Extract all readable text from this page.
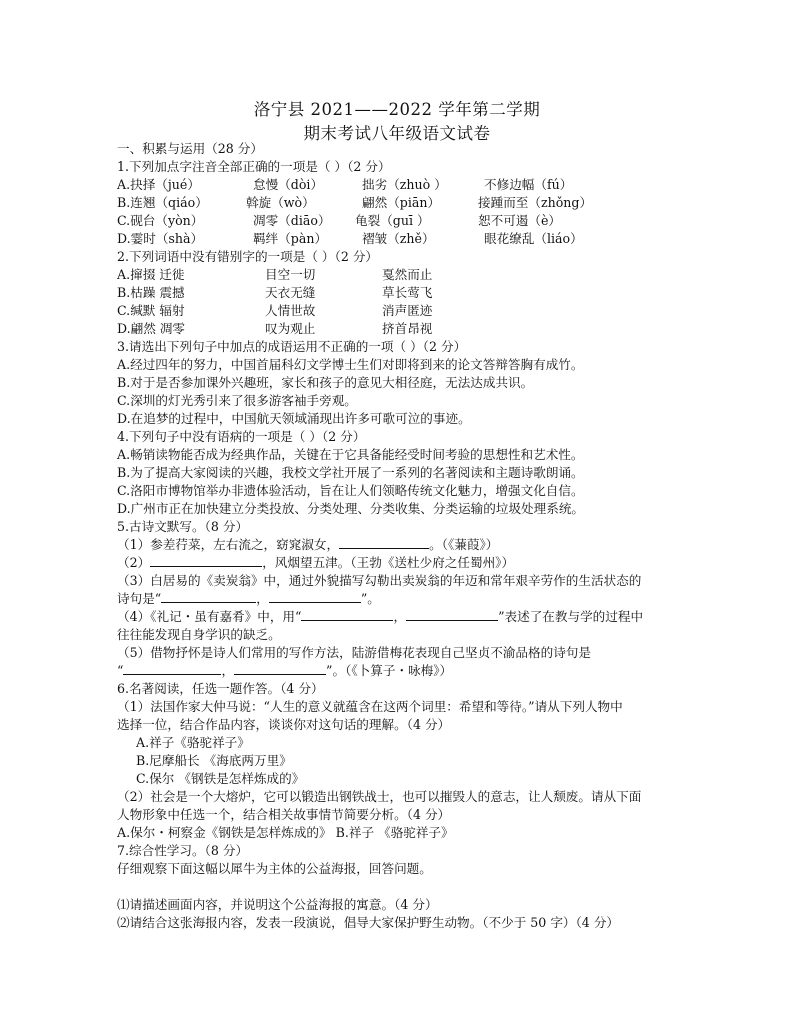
洛宁县 2021——2022 学年第二学期
期末考试八年级语文试卷
一、积累与运用（28 分）
1.下列加点字注音全部正确的一项是（ ）（2 分）
A.抉择（jué）	怠慢（dòi）	拙劣（zhuò ）	不修边幅（fú）
B.连翘（qiáo）	斡旋（wò）	翩然（piān）	接踵而至（zhǒng）
C.砚台（yòn）	凋零（diāo） 龟裂（guī ）	恕不可遏（è）
D.霎时（shà）	羁绊（pàn）	褶皱（zhě）	眼花缭乱（liáo）
2.下列词语中没有错别字的一项是（ ）（2 分）
A.撺掇 迁徙	目空一切	戛然而止
B.枯躁 震撼	天衣无缝	草长莺飞
C.缄默 辐射	人情世故	消声匿迹
D.翩然 凋零	叹为观止	挤首昂视
3.请选出下列句子中加点的成语运用不正确的一项（ ）（2 分）
A.经过四年的努力，中国首届科幻文学博士生们对即将到来的论文答辩答胸有成竹。
B.对于是否参加课外兴趣班，家长和孩子的意见大相径庭，无法达成共识。
C.深圳的灯光秀引来了很多游客袖手旁观。
D.在追梦的过程中，中国航天领域涌现出许多可歌可泣的事迹。
4.下列句子中没有语病的一项是（ ）（2 分）
A.畅销读物能否成为经典作品，关键在于它具备能经受时间考验的思想性和艺术性。
B.为了提高大家阅读的兴趣，我校文学社开展了一系列的名著阅读和主题诗歌朗诵。
C.洛阳市博物馆举办非遗体验活动，旨在让人们领略传统文化魅力，增强文化自信。
D.广州市正在加快建立分类投放、分类处理、分类收集、分类运输的垃圾处理系统。
5.古诗文默写。（8 分）
（1）参差荇菜，左右流之，窈窕淑女，	。（《蒹葭》）
（2）	，风烟望五津。（王勃《送杜少府之任蜀州》）
（3）白居易的《卖炭翁》中，通过外貌描写勾勒出卖炭翁的年迈和常年艰辛劳作的生活状态的
诗句是“	，	”。
（4）《礼记・虽有嘉肴》中，用“	，	”表述了在教与学的过程中
往往能发现自身学识的缺乏。
（5）借物抒怀是诗人们常用的写作方法，陆游借梅花表现自己坚贞不渝品格的诗句是
“	，	”。（《卜算子・咏梅》）
6.名著阅读，任选一题作答。（4 分）
（1）法国作家大仲马说：“人生的意义就蕴含在这两个词里：希望和等待。”请从下列人物中
选择一位，结合作品内容，谈谈你对这句话的理解。（4 分）
A.祥子《骆驼祥子》
B.尼摩船长 《海底两万里》
C.保尔 《钢铁是怎样炼成的》
（2）社会是一个大熔炉，它可以锻造出钢铁战士，也可以摧毁人的意志，让人颓废。请从下面
人物形象中任选一个，结合相关故事情节简要分析。（4 分）
A.保尔・柯察金《钢铁是怎样炼成的》 B.祥子 《骆驼祥子》
7.综合性学习。（8 分）
仔细观察下面这幅以犀牛为主体的公益海报，回答问题。
⑴请描述画面内容，并说明这个公益海报的寓意。（4 分）
⑵请结合这张海报内容，发表一段演说，倡导大家保护野生动物。（不少于 50 字）（4 分）
